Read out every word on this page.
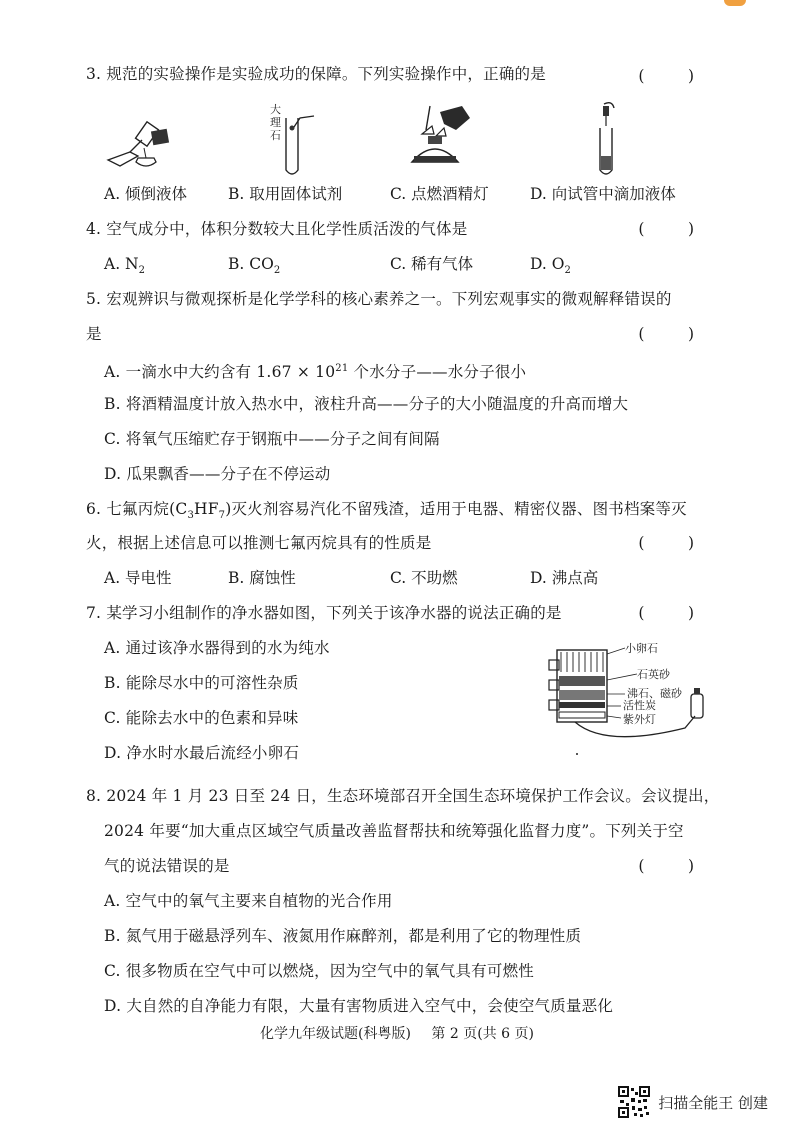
3. 规范的实验操作是实验成功的保障。下列实验操作中，正确的是	(　)
大
理
石
A. 倾倒液体	B. 取用固体试剂	C. 点燃酒精灯	D. 向试管中滴加液体
4. 空气成分中，体积分数较大且化学性质活泼的气体是	(　)
A. $N_2$	B. $CO_2$	C. 稀有气体	D. $O_2$
5. 宏观辨识与微观探析是化学学科的核心素养之一。下列宏观事实的微观解释错误的
是	(　)
A. 一滴水中大约含有 $1.67 \times 10^{21}$ 个水分子——水分子很小
B. 将酒精温度计放入热水中，液柱升高——分子的大小随温度的升高而增大
C. 将氧气压缩贮存于钢瓶中——分子之间有间隔
D. 瓜果飘香——分子在不停运动
6. 七氟丙烷$(C_3HF_7)$灭火剂容易汽化不留残渣，适用于电器、精密仪器、图书档案等灭
火，根据上述信息可以推测七氟丙烷具有的性质是	(　)
A. 导电性	B. 腐蚀性	C. 不助燃	D. 沸点高
7. 某学习小组制作的净水器如图，下列关于该净水器的说法正确的是	(　)
A. 通过该净水器得到的水为纯水
B. 能除尽水中的可溶性杂质
C. 能除去水中的色素和异味
D. 净水时水最后流经小卵石
小卵石
石英砂
沸石、磁砂
活性炭
紫外灯
8. 2024 年 1 月 23 日至 24 日，生态环境部召开全国生态环境保护工作会议。会议提出，
2024 年要“加大重点区域空气质量改善监督帮扶和统筹强化监督力度”。下列关于空
气的说法错误的是	(　)
A. 空气中的氧气主要来自植物的光合作用
B. 氮气用于磁悬浮列车、液氮用作麻醉剂，都是利用了它的物理性质
C. 很多物质在空气中可以燃烧，因为空气中的氧气具有可燃性
D. 大自然的自净能力有限，大量有害物质进入空气中，会使空气质量恶化
化学九年级试题(科粤版) 第 2 页(共 6 页)
扫描全能王 创建
